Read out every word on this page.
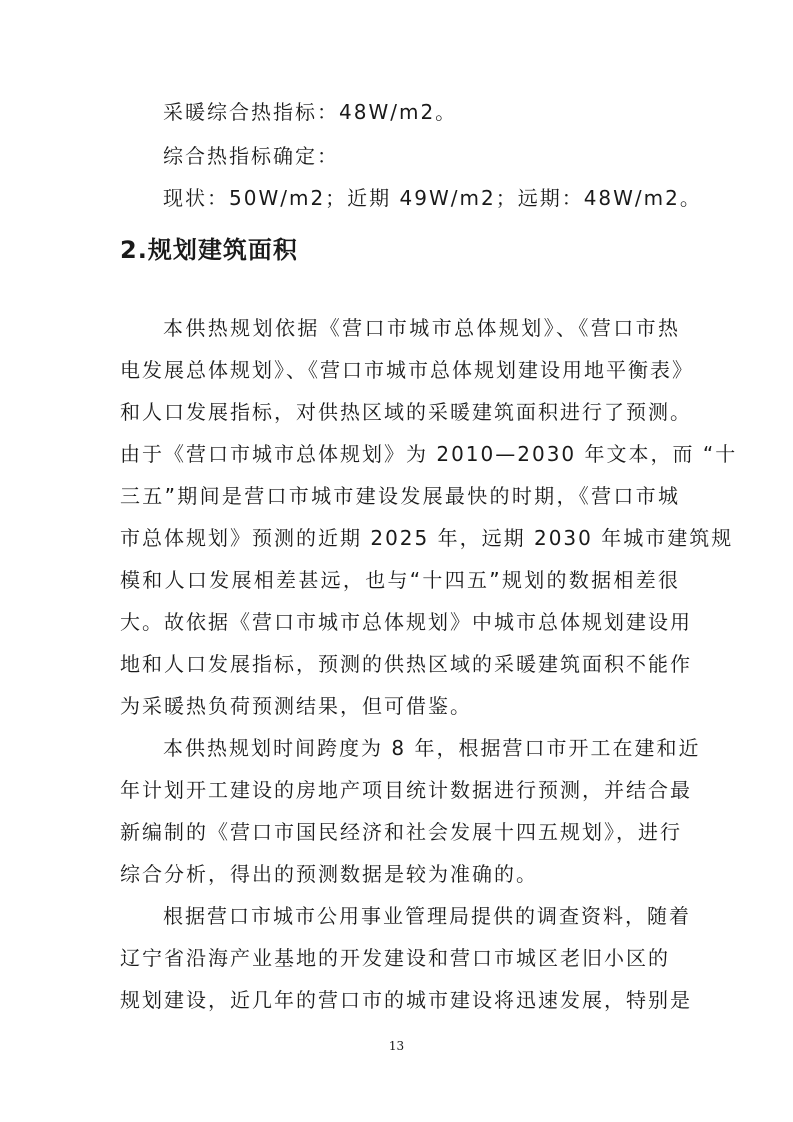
采暖综合热指标：48W/m2。
综合热指标确定：
现状：50W/m2；近期 49W/m2；远期：48W/m2。
2.规划建筑面积
本供热规划依据《营口市城市总体规划》、《营口市热
电发展总体规划》、《营口市城市总体规划建设用地平衡表》
和人口发展指标，对供热区域的采暖建筑面积进行了预测。
由于《营口市城市总体规划》为 2010—2030 年文本，而 “十
三五”期间是营口市城市建设发展最快的时期，《营口市城
市总体规划》预测的近期 2025 年，远期 2030 年城市建筑规
模和人口发展相差甚远，也与“十四五”规划的数据相差很
大。故依据《营口市城市总体规划》中城市总体规划建设用
地和人口发展指标，预测的供热区域的采暖建筑面积不能作
为采暖热负荷预测结果，但可借鉴。
本供热规划时间跨度为 8 年，根据营口市开工在建和近
年计划开工建设的房地产项目统计数据进行预测，并结合最
新编制的《营口市国民经济和社会发展十四五规划》，进行
综合分析，得出的预测数据是较为准确的。
根据营口市城市公用事业管理局提供的调查资料，随着
辽宁省沿海产业基地的开发建设和营口市城区老旧小区的
规划建设，近几年的营口市的城市建设将迅速发展，特别是
13
